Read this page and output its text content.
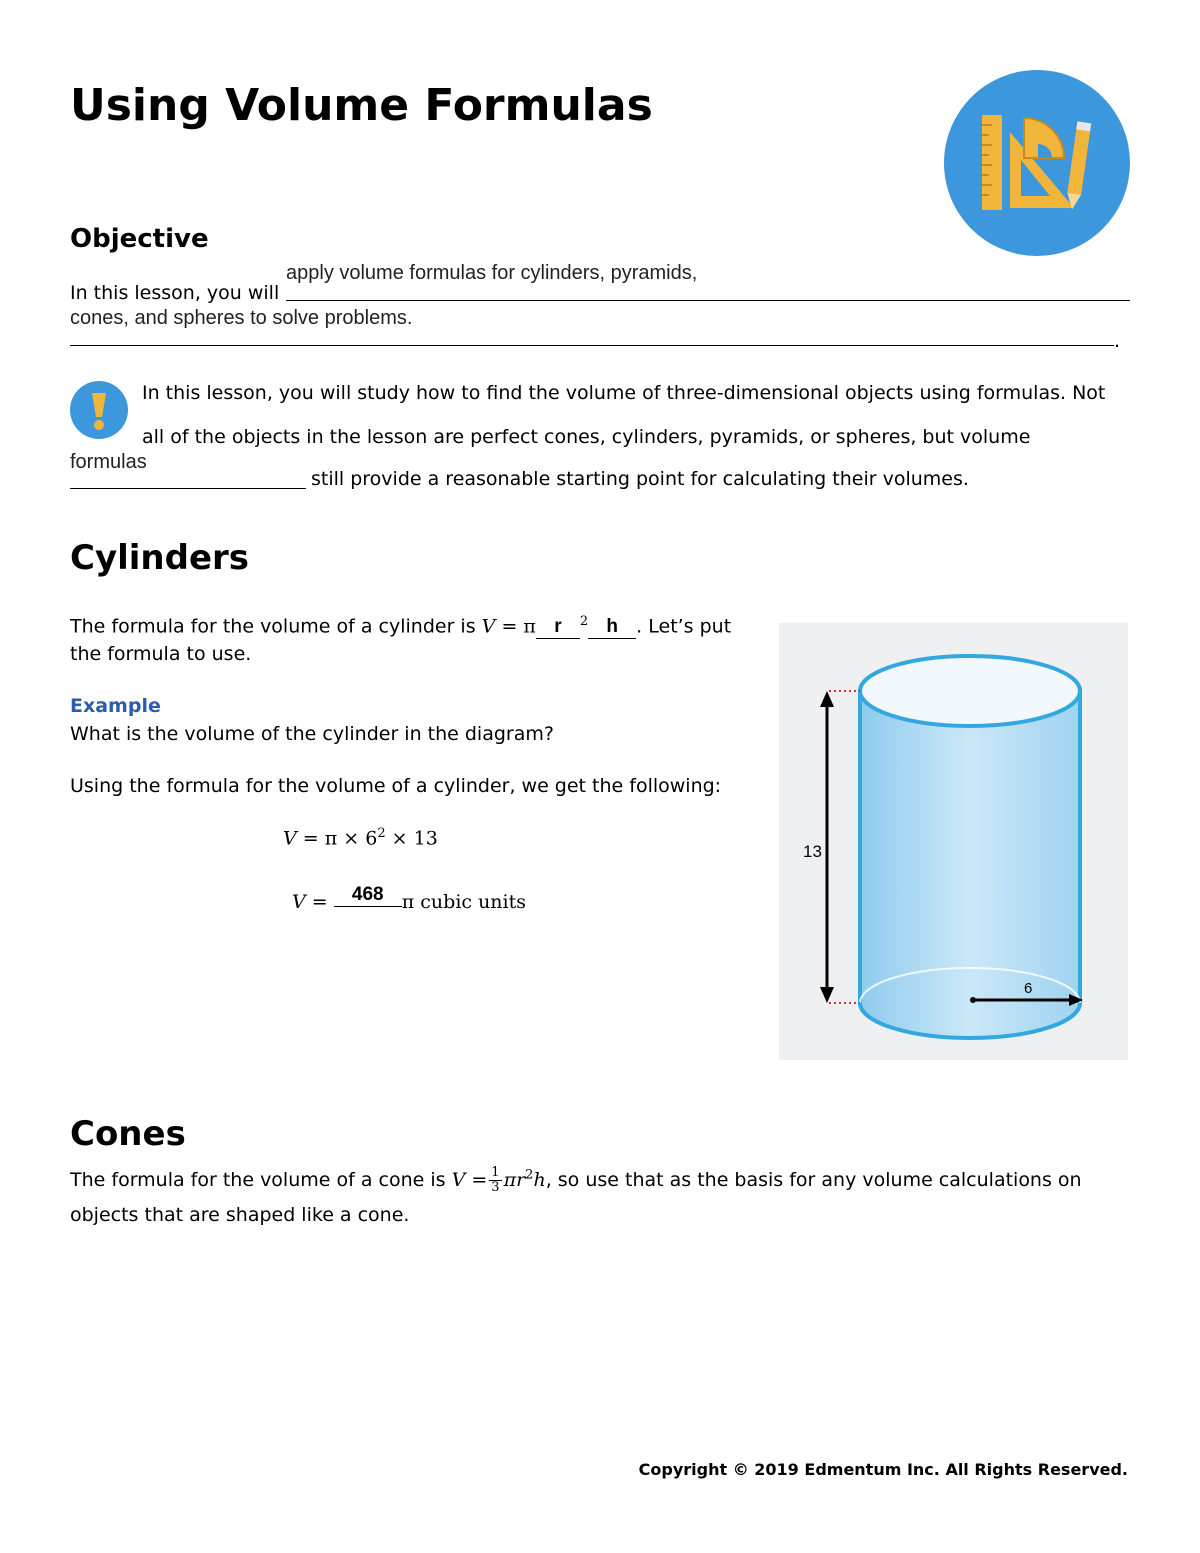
Using Volume Formulas
Objective
In this lesson, you will
apply volume formulas for cylinders, pyramids,
cones, and spheres to solve problems.
.
In this lesson, you will study how to find the volume of three-dimensional objects using formulas. Not
all of the objects in the lesson are perfect cones, cylinders, pyramids, or spheres, but volume
formulas
still provide a reasonable starting point for calculating their volumes.
Cylinders
The formula for the volume of a cylinder is V = π r $^2$ h . Let’s put
the formula to use.
Example
What is the volume of the cylinder in the diagram?
Using the formula for the volume of a cylinder, we get the following:
$V = \pi \times 6^2 \times 13$
V = 468 π cubic units
13
6
Cones
The formula for the volume of a cone is $V = \frac{1}{3} \pi r^2h$, so use that as the basis for any volume calculations on
objects that are shaped like a cone.
Copyright © 2019 Edmentum Inc. All Rights Reserved.
